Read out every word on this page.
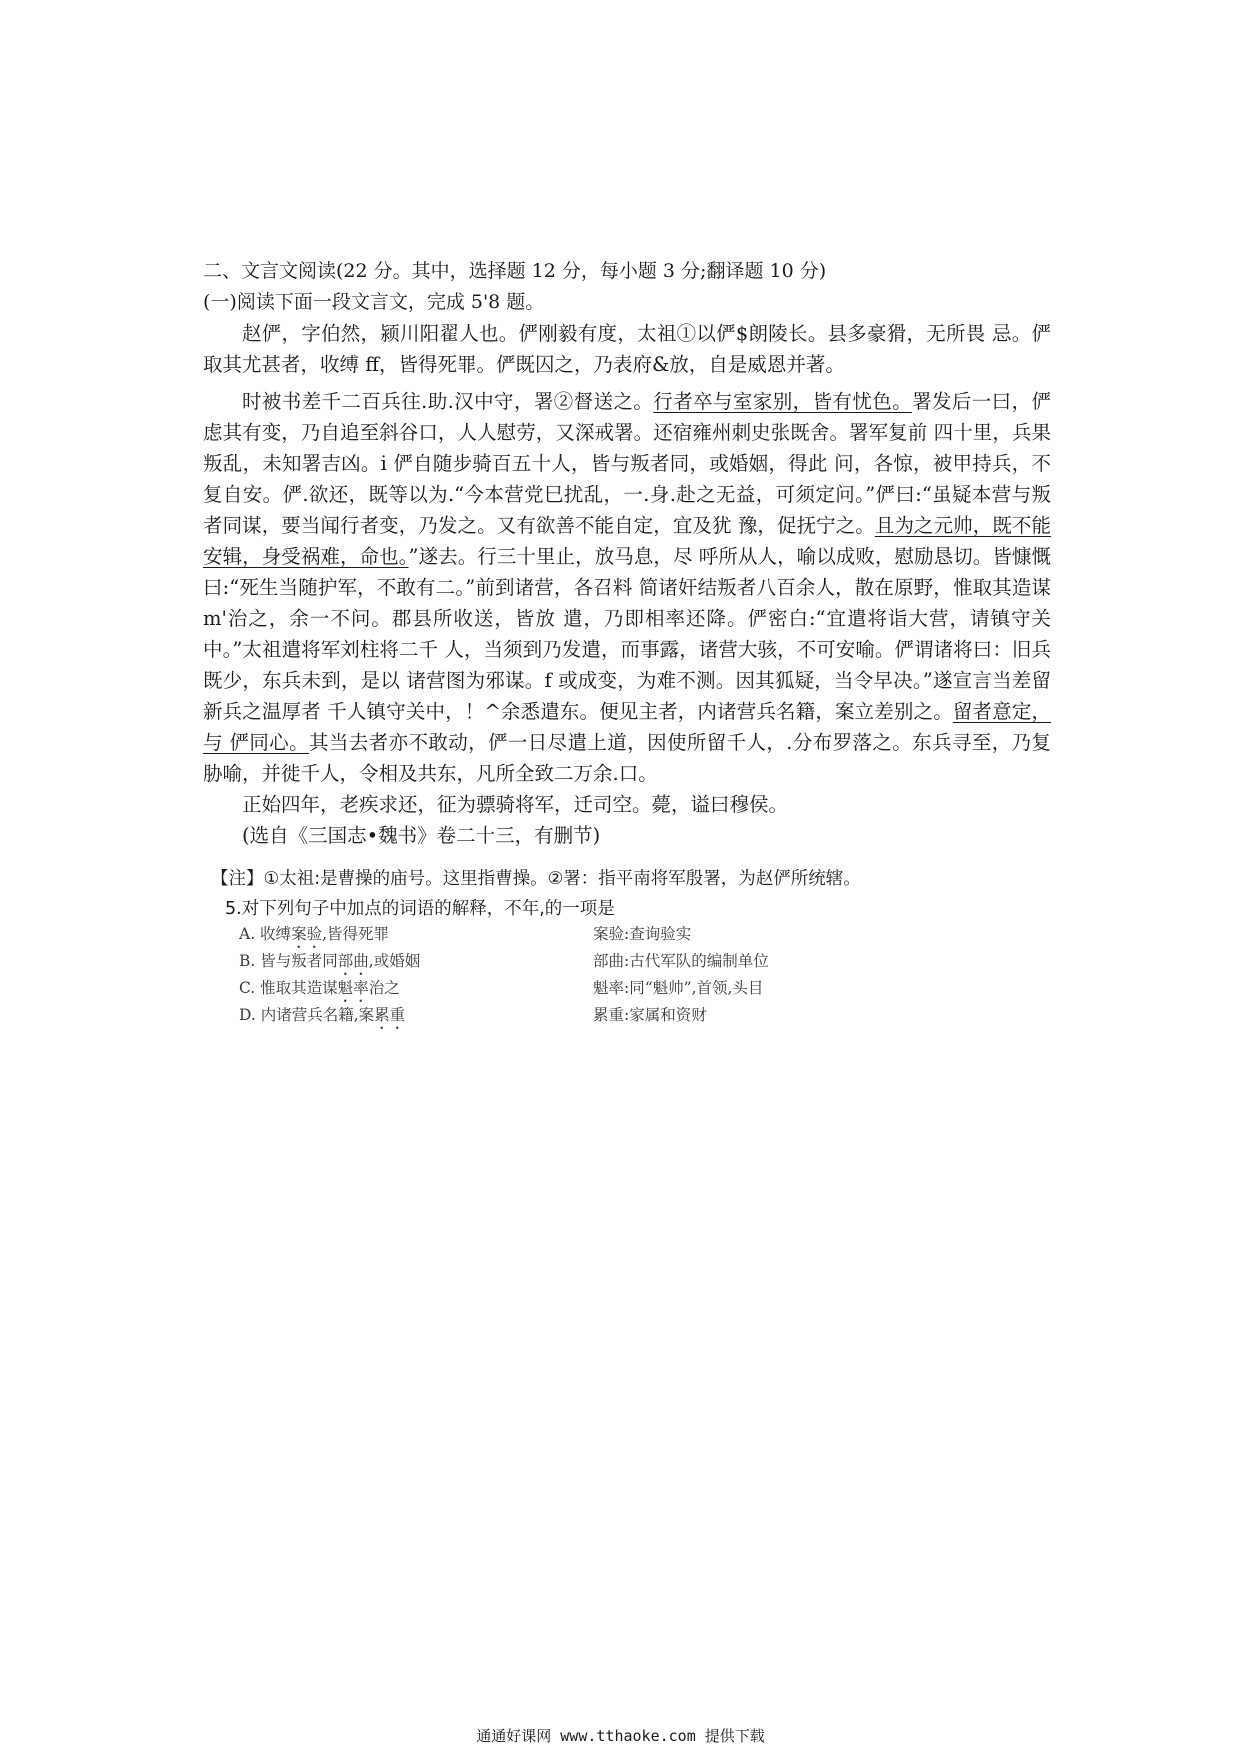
二、文言文阅读(22 分。其中，选择题 12 分，每小题 3 分;翻译题 10 分)

(一)阅读下面一段文言文，完成 5'8 题。

赵俨，字伯然，颍川阳翟人也。俨刚毅有度，太祖①以俨$朗陵长。县多豪猾，无所畏 忌。俨取其尤甚者，收缚 ff，皆得死罪。俨既囚之，乃表府&放，自是威恩并著。

时被书差千二百兵往.助.汉中守，署②督送之。行者卒与室家别，皆有忧色。署发后一曰，俨虑其有变，乃自追至斜谷口，人人慰劳，又深戒署。还宿雍州刺史张既舍。署军复前 四十里，兵果叛乱，未知署吉凶。i 俨自随步骑百五十人，皆与叛者同，或婚姻，得此 问，各惊，被甲持兵，不复自安。俨.欲还，既等以为.“今本营党巳扰乱，一.身.赴之无益，可须定问。”俨曰:“虽疑本营与叛者同谋，要当闻行者变，乃发之。又有欲善不能自定，宜及犹 豫，促抚宁之。且为之元帅，既不能安辑，身受祸难，命也。”遂去。行三十里止，放马息，尽 呼所从人，喻以成败，慰励恳切。皆慷慨曰:“死生当随护军，不敢有二。”前到诸营，各召料 简诸奸结叛者八百余人，散在原野，惟取其造谋 m'治之，余一不问。郡县所收送，皆放 遣，乃即相率还降。俨密白:“宜遣将诣大营，请镇守关中。”太祖遣将军刘柱将二千 人，当须到乃发遣，而事露，诸营大骇，不可安喻。俨谓诸将曰：旧兵既少，东兵未到，是以 诸营图为邪谋。f 或成变，为难不测。因其狐疑，当令早决。”遂宣言当差留新兵之温厚者 千人镇守关中，！^余悉遣东。便见主者，内诸营兵名籍，案立差别之。留者意定，与 俨同心。其当去者亦不敢动，俨一日尽遣上道，因使所留千人，.分布罗落之。东兵寻至，乃复胁喻，并徙千人，令相及共东，凡所全致二万余.口。

正始四年，老疾求还，征为骠骑将军，迁司空。薨，谥曰穆侯。

(选自《三国志•魏书》卷二十三，有删节)

【注】①太祖:是曹操的庙号。这里指曹操。②署：指平南将军殷署，为赵俨所统辖。

5.对下列句子中加点的词语的解释，不年,的一项是

A. 收缚案验,皆得死罪	案验:查询验实
B. 皆与叛者同部曲,或婚姻	部曲:古代军队的编制单位
C. 惟取其造谋魁率治之	魁率:同“魁帅”,首领,头目
D. 内诸营兵名籍,案累重	累重:家属和资财
通通好课网 www.tthaoke.com 提供下载
